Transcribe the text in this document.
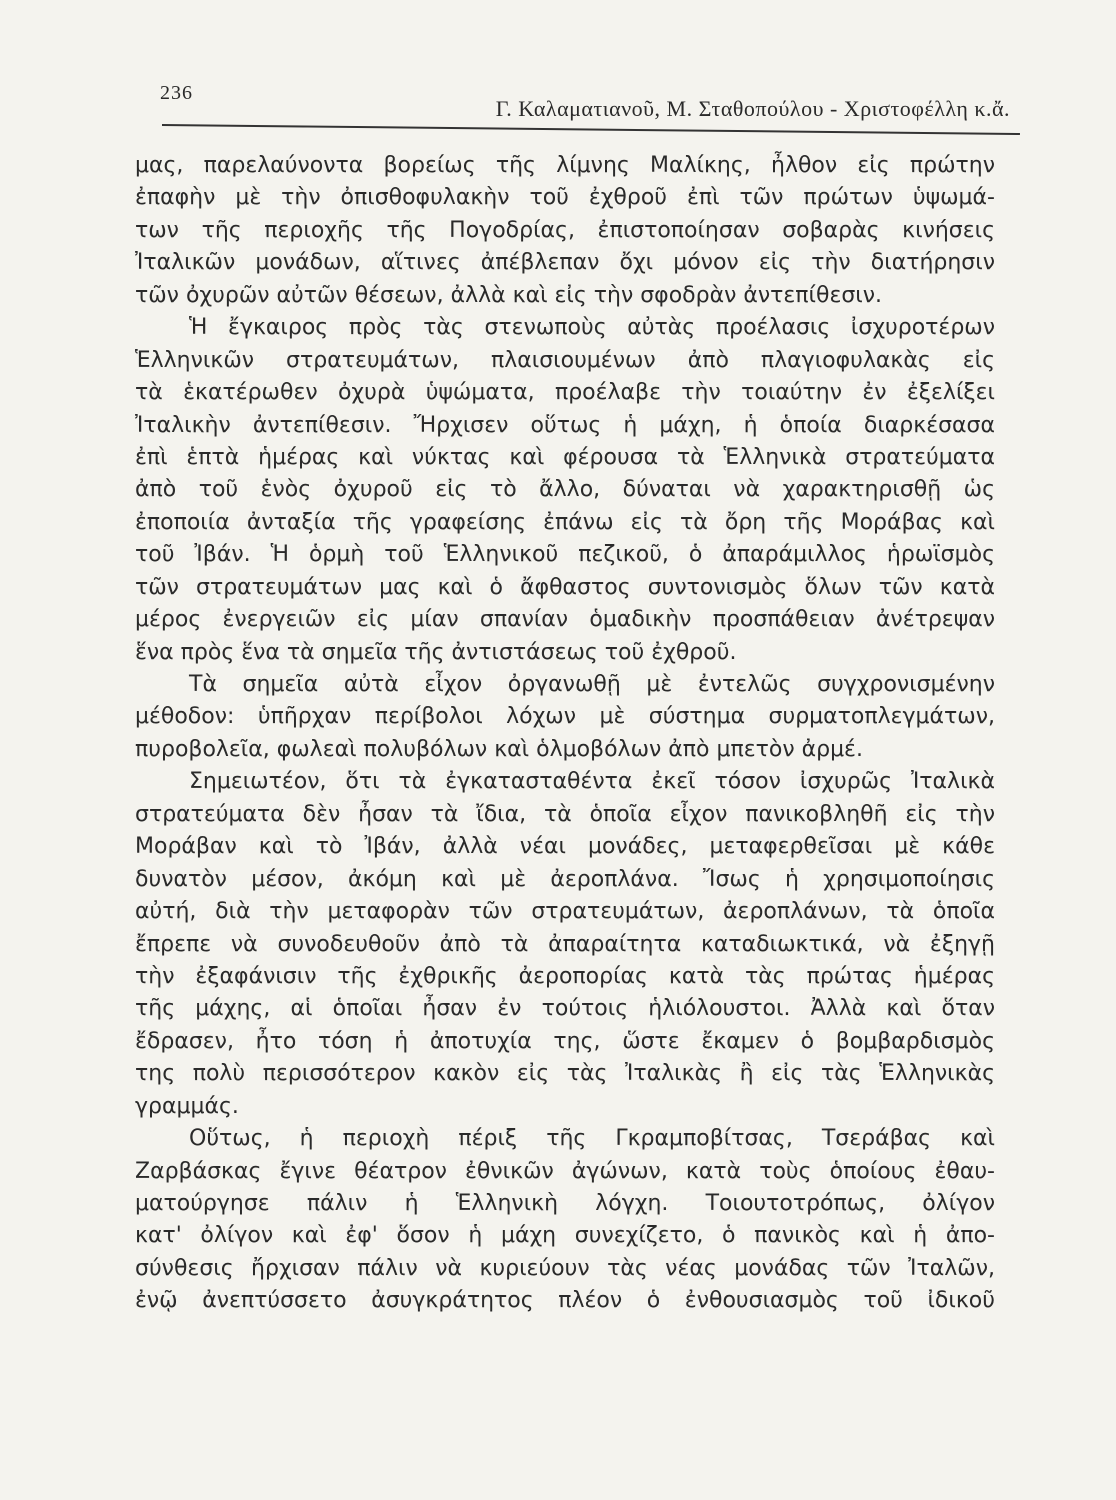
236
Γ. Καλαματιανοῦ, Μ. Σταθοπούλου - Χριστοφέλλη κ.ἄ.
μας, παρελαύνοντα βορείως τῆς λίμνης Μαλίκης, ἦλθον εἰς πρώτην
ἐπαφὴν μὲ τὴν ὀπισθοφυλακὴν τοῦ ἐχθροῦ ἐπὶ τῶν πρώτων ὑψωμά-
των τῆς περιοχῆς τῆς Πογοδρίας, ἐπιστοποίησαν σοβαρὰς κινήσεις
Ἰταλικῶν μονάδων, αἵτινες ἀπέβλεπαν ὄχι μόνον εἰς τὴν διατήρησιν
τῶν ὀχυρῶν αὐτῶν θέσεων, ἀλλὰ καὶ εἰς τὴν σφοδρὰν ἀντεπίθεσιν.
Ἡ ἔγκαιρος πρὸς τὰς στενωποὺς αὐτὰς προέλασις ἰσχυροτέρων
Ἑλληνικῶν στρατευμάτων, πλαισιουμένων ἀπὸ πλαγιοφυλακὰς εἰς
τὰ ἑκατέρωθεν ὀχυρὰ ὑψώματα, προέλαβε τὴν τοιαύτην ἐν ἐξελίξει
Ἰταλικὴν ἀντεπίθεσιν. Ἤρχισεν οὕτως ἡ μάχη, ἡ ὁποία διαρκέσασα
ἐπὶ ἑπτὰ ἡμέρας καὶ νύκτας καὶ φέρουσα τὰ Ἑλληνικὰ στρατεύματα
ἀπὸ τοῦ ἑνὸς ὀχυροῦ εἰς τὸ ἄλλο, δύναται νὰ χαρακτηρισθῇ ὡς
ἐποποιία ἀνταξία τῆς γραφείσης ἐπάνω εἰς τὰ ὄρη τῆς Μοράβας καὶ
τοῦ Ἰβάν. Ἡ ὁρμὴ τοῦ Ἑλληνικοῦ πεζικοῦ, ὁ ἀπαράμιλλος ἡρωϊσμὸς
τῶν στρατευμάτων μας καὶ ὁ ἄφθαστος συντονισμὸς ὅλων τῶν κατὰ
μέρος ἐνεργειῶν εἰς μίαν σπανίαν ὁμαδικὴν προσπάθειαν ἀνέτρεψαν
ἕνα πρὸς ἕνα τὰ σημεῖα τῆς ἀντιστάσεως τοῦ ἐχθροῦ.
Τὰ σημεῖα αὐτὰ εἶχον ὀργανωθῇ μὲ ἐντελῶς συγχρονισμένην
μέθοδον: ὑπῆρχαν περίβολοι λόχων μὲ σύστημα συρματοπλεγμάτων,
πυροβολεῖα, φωλεαὶ πολυβόλων καὶ ὁλμοβόλων ἀπὸ μπετὸν ἀρμέ.
Σημειωτέον, ὅτι τὰ ἐγκατασταθέντα ἐκεῖ τόσον ἰσχυρῶς Ἰταλικὰ
στρατεύματα δὲν ἦσαν τὰ ἴδια, τὰ ὁποῖα εἶχον πανικοβληθῆ εἰς τὴν
Μοράβαν καὶ τὸ Ἰβάν, ἀλλὰ νέαι μονάδες, μεταφερθεῖσαι μὲ κάθε
δυνατὸν μέσον, ἀκόμη καὶ μὲ ἀεροπλάνα. Ἴσως ἡ χρησιμοποίησις
αὐτή, διὰ τὴν μεταφορὰν τῶν στρατευμάτων, ἀεροπλάνων, τὰ ὁποῖα
ἔπρεπε νὰ συνοδευθοῦν ἀπὸ τὰ ἀπαραίτητα καταδιωκτικά, νὰ ἐξηγῇ
τὴν ἐξαφάνισιν τῆς ἐχθρικῆς ἀεροπορίας κατὰ τὰς πρώτας ἡμέρας
τῆς μάχης, αἱ ὁποῖαι ἦσαν ἐν τούτοις ἡλιόλουστοι. Ἀλλὰ καὶ ὅταν
ἔδρασεν, ἦτο τόση ἡ ἀποτυχία της, ὥστε ἔκαμεν ὁ βομβαρδισμὸς
της πολὺ περισσότερον κακὸν εἰς τὰς Ἰταλικὰς ἢ εἰς τὰς Ἑλληνικὰς
γραμμάς.
Οὕτως, ἡ περιοχὴ πέριξ τῆς Γκραμποβίτσας, Τσεράβας καὶ
Ζαρβάσκας ἔγινε θέατρον ἐθνικῶν ἀγώνων, κατὰ τοὺς ὁποίους ἐθαυ-
ματούργησε πάλιν ἡ Ἑλληνικὴ λόγχη. Τοιουτοτρόπως, ὀλίγον
κατ' ὀλίγον καὶ ἐφ' ὅσον ἡ μάχη συνεχίζετο, ὁ πανικὸς καὶ ἡ ἀπο-
σύνθεσις ἤρχισαν πάλιν νὰ κυριεύουν τὰς νέας μονάδας τῶν Ἰταλῶν,
ἐνῷ ἀνεπτύσσετο ἀσυγκράτητος πλέον ὁ ἐνθουσιασμὸς τοῦ ἰδικοῦ
